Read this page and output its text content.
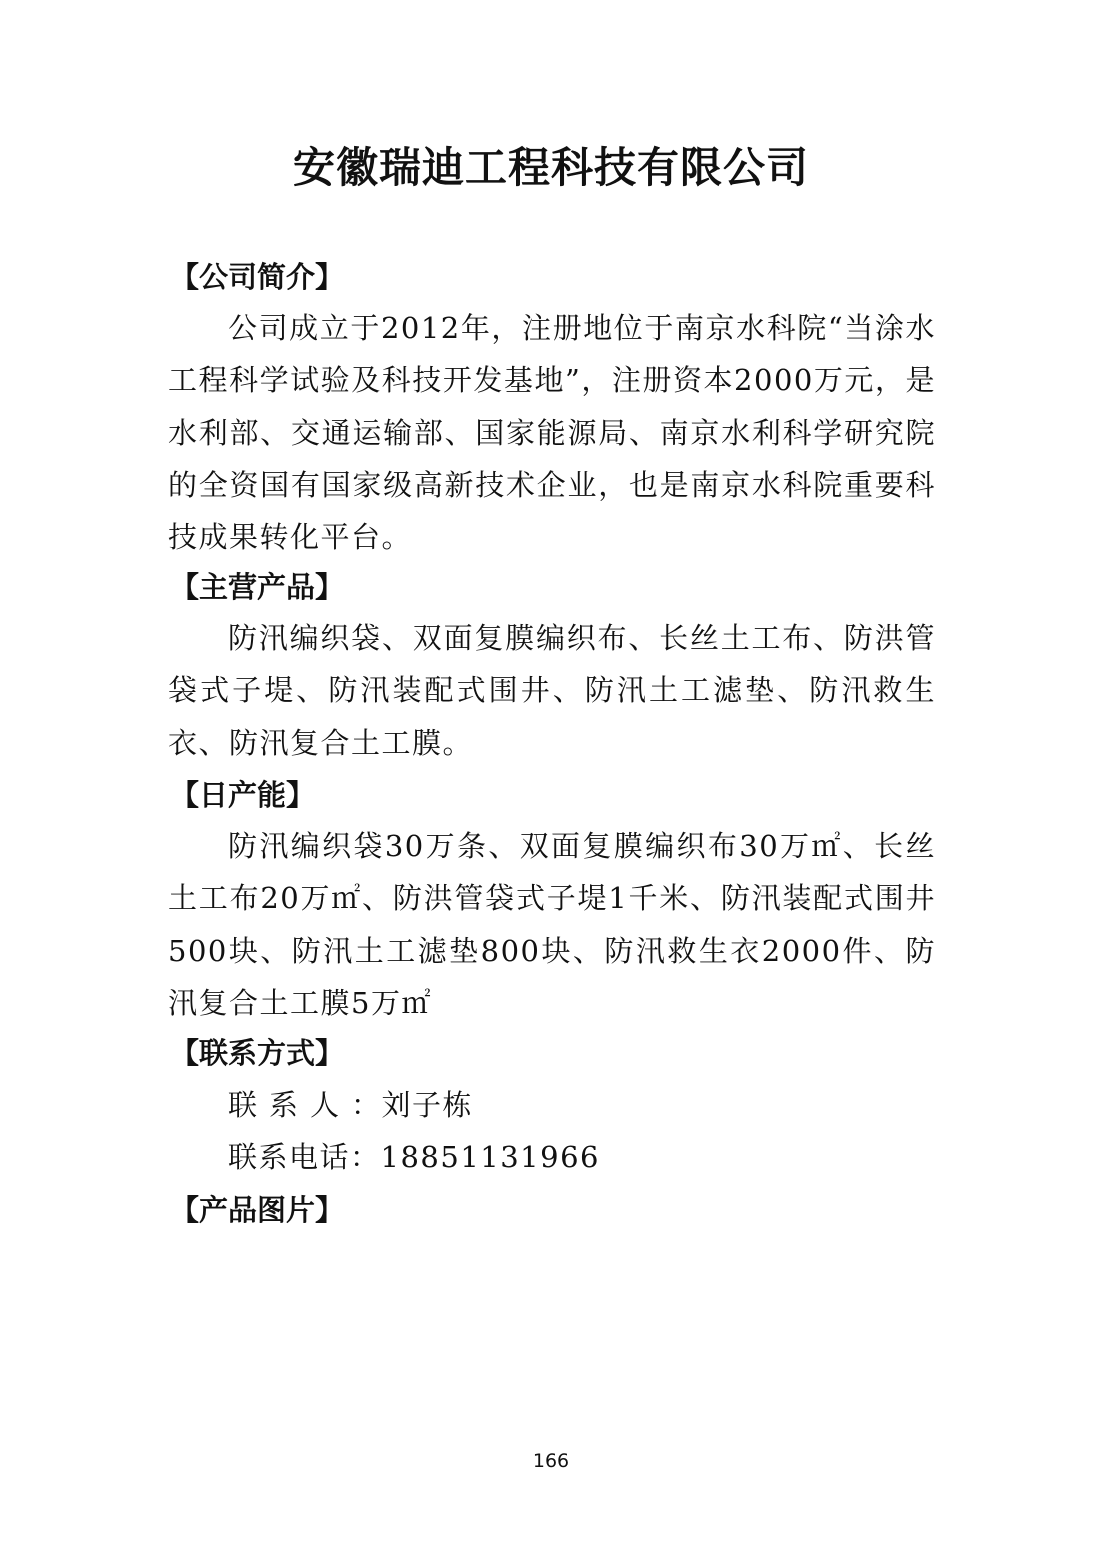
安徽瑞迪工程科技有限公司
【公司简介】
公司成立于2012年，注册地位于南京水科院“当涂水工程科学试验及科技开发基地”，注册资本2000万元，是水利部、交通运输部、国家能源局、南京水利科学研究院的全资国有国家级高新技术企业，也是南京水科院重要科技成果转化平台。
【主营产品】
防汛编织袋、双面复膜编织布、长丝土工布、防洪管袋式子堤、防汛装配式围井、防汛土工滤垫、防汛救生衣、防汛复合土工膜。
【日产能】
防汛编织袋30万条、双面复膜编织布30万㎡、长丝土工布20万㎡、防洪管袋式子堤1千米、防汛装配式围井500块、防汛土工滤垫800块、防汛救生衣2000件、防汛复合土工膜5万㎡
【联系方式】
联系人：刘子栋
联系电话：18851131966
【产品图片】
166
